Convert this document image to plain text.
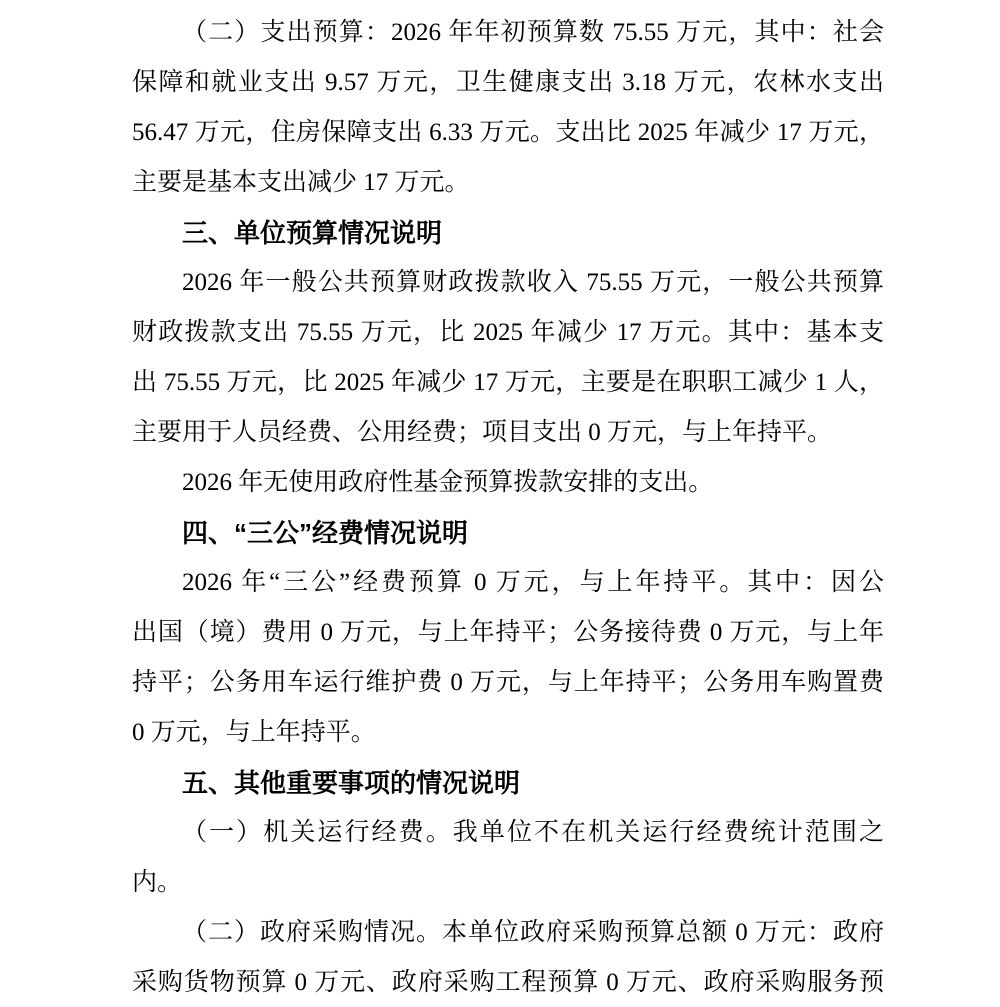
（二）支出预算：2026 年年初预算数 75.55 万元，其中：社会
保障和就业支出 9.57 万元，卫生健康支出 3.18 万元，农林水支出
56.47 万元，住房保障支出 6.33 万元。支出比 2025 年减少 17 万元，
主要是基本支出减少 17 万元。
三、单位预算情况说明
2026 年一般公共预算财政拨款收入 75.55 万元，一般公共预算
财政拨款支出 75.55 万元，比 2025 年减少 17 万元。其中：基本支
出 75.55 万元，比 2025 年减少 17 万元，主要是在职职工减少 1 人，
主要用于人员经费、公用经费；项目支出 0 万元，与上年持平。
2026 年无使用政府性基金预算拨款安排的支出。
四、“三公”经费情况说明
2026 年“三公”经费预算 0 万元，与上年持平。其中：因公
出国（境）费用 0 万元，与上年持平；公务接待费 0 万元，与上年
持平；公务用车运行维护费 0 万元，与上年持平；公务用车购置费
0 万元，与上年持平。
五、其他重要事项的情况说明
（一）机关运行经费。我单位不在机关运行经费统计范围之
内。
（二）政府采购情况。本单位政府采购预算总额 0 万元：政府
采购货物预算 0 万元、政府采购工程预算 0 万元、政府采购服务预
